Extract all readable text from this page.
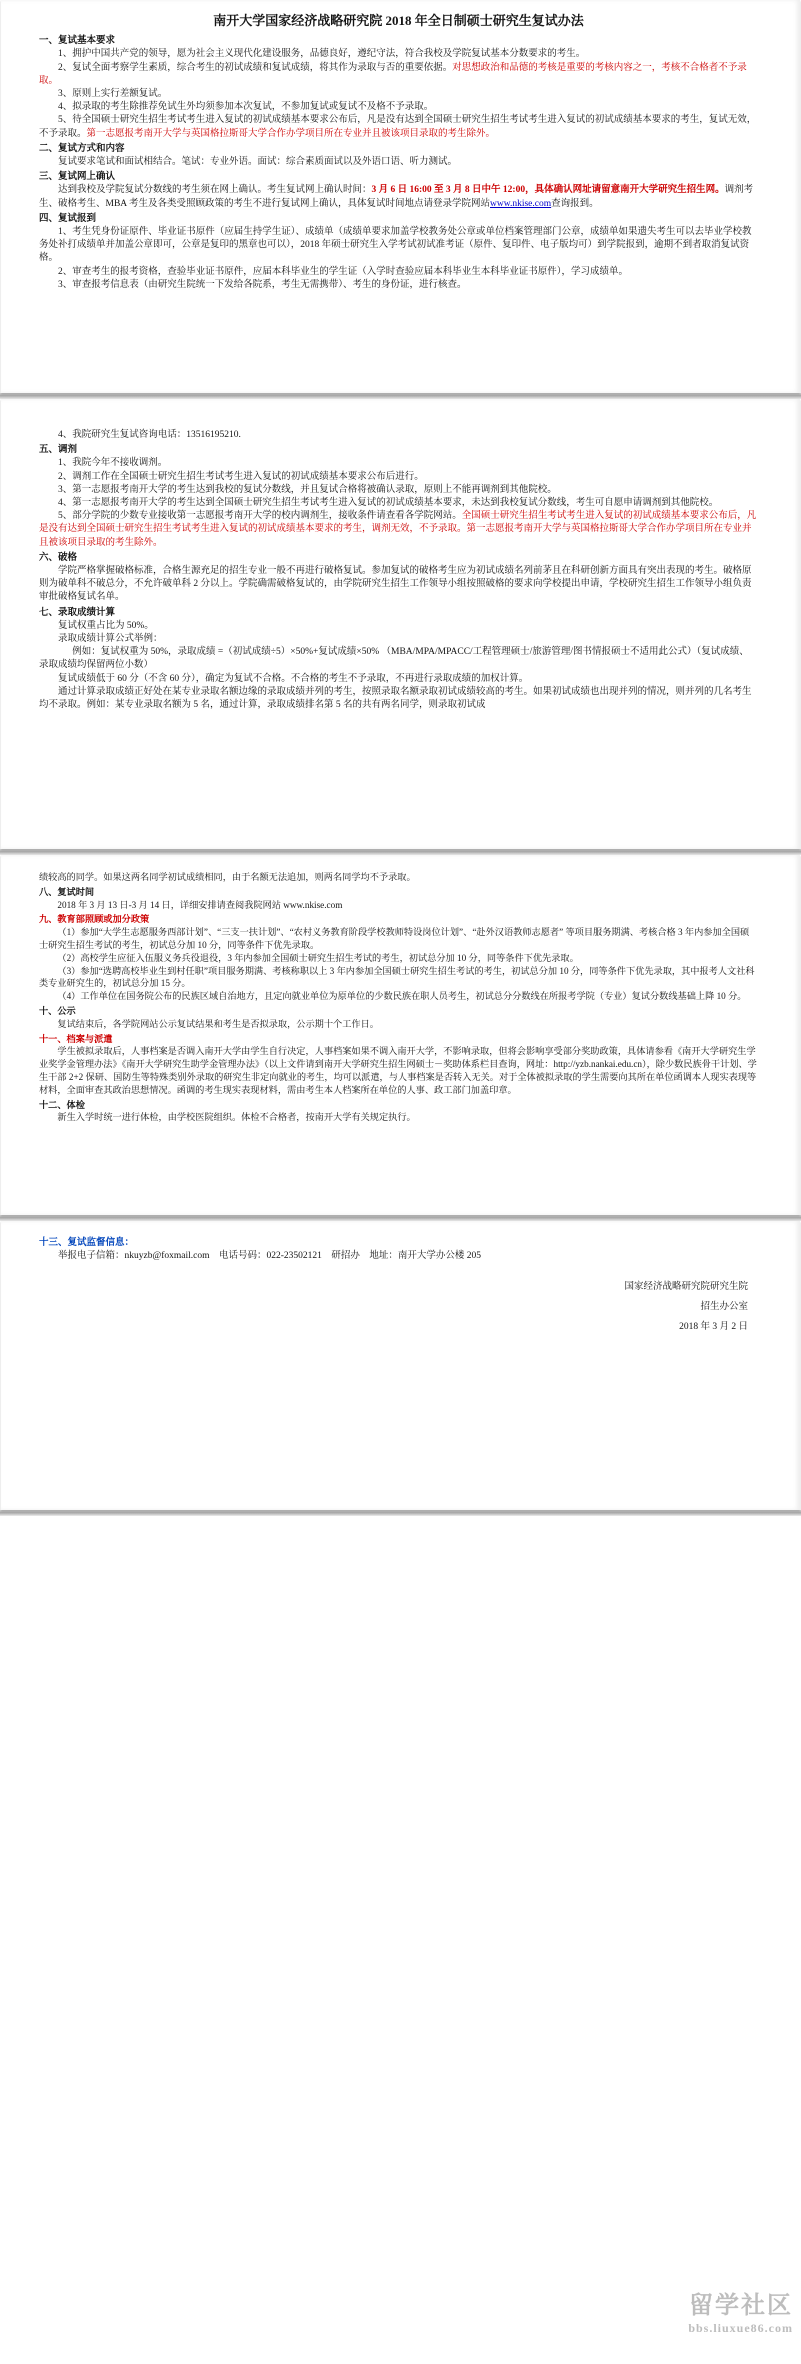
南开大学国家经济战略研究院 2018 年全日制硕士研究生复试办法
一、复试基本要求
1、拥护中国共产党的领导，愿为社会主义现代化建设服务，品德良好，遵纪守法，符合我校及学院复试基本分数要求的考生。
2、复试全面考察学生素质，综合考生的初试成绩和复试成绩，将其作为录取与否的重要依据。对思想政治和品德的考核是重要的考核内容之一，考核不合格者不予录取。
3、原则上实行差额复试。
4、拟录取的考生除推荐免试生外均须参加本次复试，不参加复试或复试不及格不予录取。
5、待全国硕士研究生招生考试考生进入复试的初试成绩基本要求公布后，凡是没有达到全国硕士研究生招生考试考生进入复试的初试成绩基本要求的考生，复试无效，不予录取。第一志愿报考南开大学与英国格拉斯哥大学合作办学项目所在专业并且被该项目录取的考生除外。
二、复试方式和内容
复试要求笔试和面试相结合。笔试：专业外语。面试：综合素质面试以及外语口语、听力测试。
三、复试网上确认
达到我校及学院复试分数线的考生须在网上确认。考生复试网上确认时间：3 月 6 日 16:00 至 3 月 8 日中午 12:00，具体确认网址请留意南开大学研究生招生网。调剂考生、破格考生、MBA 考生及各类受照顾政策的考生不进行复试网上确认，具体复试时间地点请登录学院网站www.nkise.com查询报到。
四、复试报到
1、考生凭身份证原件、毕业证书原件（应届生持学生证）、成绩单（成绩单要求加盖学校教务处公章或单位档案管理部门公章，成绩单如果遗失考生可以去毕业学校教务处补打成绩单并加盖公章即可，公章是复印的黑章也可以），2018 年硕士研究生入学考试初试准考证（原件、复印件、电子版均可）到学院报到，逾期不到者取消复试资格。
2、审查考生的报考资格，查验毕业证书原件，应届本科毕业生的学生证（入学时查验应届本科毕业生本科毕业证书原件），学习成绩单。
3、审查报考信息表（由研究生院统一下发给各院系，考生无需携带）、考生的身份证，进行核查。
4、我院研究生复试咨询电话：13516195210.
五、调剂
1、我院今年不接收调剂。
2、调剂工作在全国硕士研究生招生考试考生进入复试的初试成绩基本要求公布后进行。
3、第一志愿报考南开大学的考生达到我校的复试分数线，并且复试合格将被确认录取，原则上不能再调剂到其他院校。
4、第一志愿报考南开大学的考生达到全国硕士研究生招生考试考生进入复试的初试成绩基本要求，未达到我校复试分数线，考生可自愿申请调剂到其他院校。
5、部分学院的少数专业接收第一志愿报考南开大学的校内调剂生，接收条件请查看各学院网站。全国硕士研究生招生考试考生进入复试的初试成绩基本要求公布后，凡是没有达到全国硕士研究生招生考试考生进入复试的初试成绩基本要求的考生，调剂无效，不予录取。第一志愿报考南开大学与英国格拉斯哥大学合作办学项目所在专业并且被该项目录取的考生除外。
六、破格
学院严格掌握破格标准，合格生源充足的招生专业一般不再进行破格复试。参加复试的破格考生应为初试成绩名列前茅且在科研创新方面具有突出表现的考生。破格原则为破单科不破总分，不允许破单科 2 分以上。学院确需破格复试的，由学院研究生招生工作领导小组按照破格的要求向学校提出申请，学校研究生招生工作领导小组负责审批破格复试名单。
七、录取成绩计算
复试权重占比为 50%。
录取成绩计算公式举例：
例如：复试权重为 50%，录取成绩 =（初试成绩÷5）×50%+复试成绩×50% （MBA/MPA/MPACC/工程管理硕士/旅游管理/图书情报硕士不适用此公式）（复试成绩、录取成绩均保留两位小数）
复试成绩低于 60 分（不含 60 分），确定为复试不合格。不合格的考生不予录取，不再进行录取成绩的加权计算。
通过计算录取成绩正好处在某专业录取名额边缘的录取成绩并列的考生，按照录取名额录取初试成绩较高的考生。如果初试成绩也出现并列的情况，则并列的几名考生均不录取。例如：某专业录取名额为 5 名，通过计算，录取成绩排名第 5 名的共有两名同学，则录取初试成
绩较高的同学。如果这两名同学初试成绩相同，由于名额无法追加，则两名同学均不予录取。
八、复试时间
2018 年 3 月 13 日-3 月 14 日，详细安排请查阅我院网站 www.nkise.com
九、教育部照顾或加分政策
（1）参加“大学生志愿服务西部计划”、“三支一扶计划”、“农村义务教育阶段学校教师特设岗位计划”、“赴外汉语教师志愿者” 等项目服务期满、考核合格 3 年内参加全国硕士研究生招生考试的考生，初试总分加 10 分，同等条件下优先录取。
（2）高校学生应征入伍服义务兵役退役，3 年内参加全国硕士研究生招生考试的考生，初试总分加 10 分，同等条件下优先录取。
（3）参加“选聘高校毕业生到村任职”项目服务期满、考核称职以上 3 年内参加全国硕士研究生招生考试的考生，初试总分加 10 分，同等条件下优先录取，其中报考人文社科类专业研究生的，初试总分加 15 分。
（4）工作单位在国务院公布的民族区域自治地方，且定向就业单位为原单位的少数民族在职人员考生，初试总分分数线在所报考学院（专业）复试分数线基础上降 10 分。
十、公示
复试结束后，各学院网站公示复试结果和考生是否拟录取，公示期十个工作日。
十一、档案与派遣
学生被拟录取后，人事档案是否调入南开大学由学生自行决定，人事档案如果不调入南开大学，不影响录取，但将会影响享受部分奖助政策，具体请参看《南开大学研究生学业奖学金管理办法》《南开大学研究生助学金管理办法》（以上文件请到南开大学研究生招生网硕士－奖助体系栏目查询，网址：http://yzb.nankai.edu.cn），除少数民族骨干计划、学生干部 2+2 保研、国防生等特殊类别外录取的研究生非定向就业的考生，均可以派遣，与人事档案是否转入无关。对于全体被拟录取的学生需要向其所在单位函调本人现实表现等材料，全面审查其政治思想情况。函调的考生现实表现材料，需由考生本人档案所在单位的人事、政工部门加盖印章。
十二、体检
新生入学时统一进行体检，由学校医院组织。体检不合格者，按南开大学有关规定执行。
十三、复试监督信息：
举报电子信箱：nkuyzb@foxmail.com　电话号码：022-23502121　研招办　地址：南开大学办公楼 205
国家经济战略研究院研究生院
招生办公室
2018 年 3 月 2 日
留学社区
bbs.liuxue86.com
